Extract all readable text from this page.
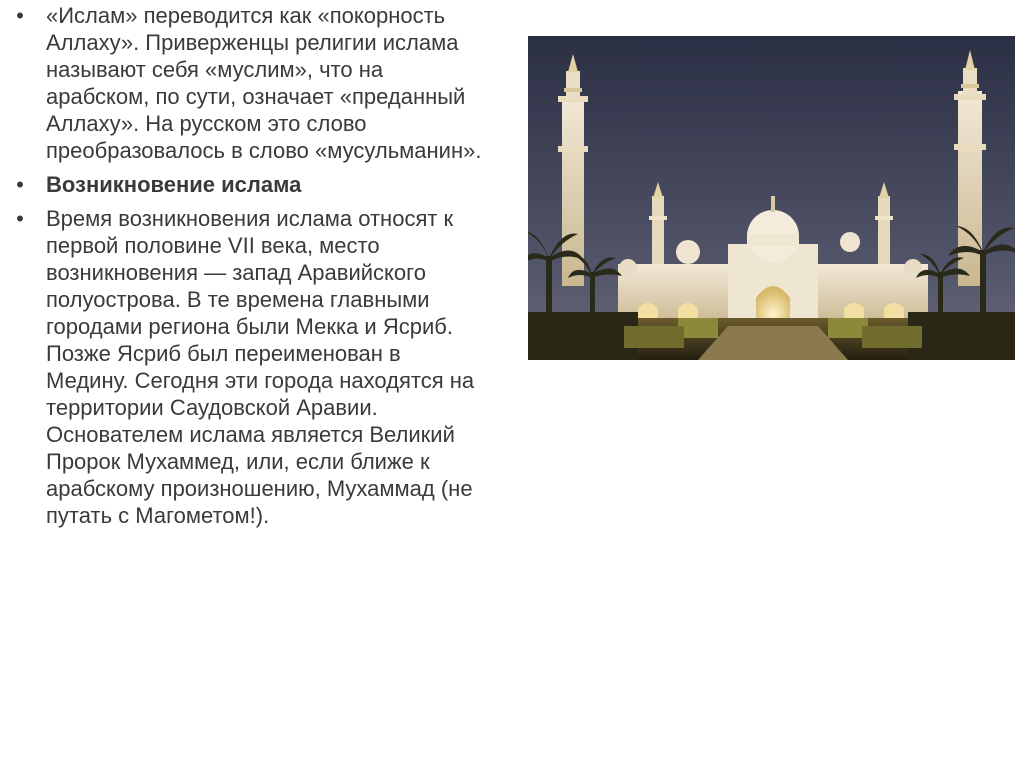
• «Ислам» переводится как «покорность Аллаху». Приверженцы религии ислама называют себя «муслим», что на арабском, по сути, означает «преданный Аллаху». На русском это слово преобразовалось в слово «мусульманин».
• Возникновение ислама
• Время возникновения ислама относят к первой половине VII века, место возникновения — запад Аравийского полуострова. В те времена главными городами региона были Мекка и Ясриб. Позже Ясриб был переименован в Медину. Сегодня эти города находятся на территории Саудовской Аравии. Основателем ислама является Великий Пророк Мухаммед, или, если ближе к арабскому произношению, Мухаммад (не путать с Магометом!).
